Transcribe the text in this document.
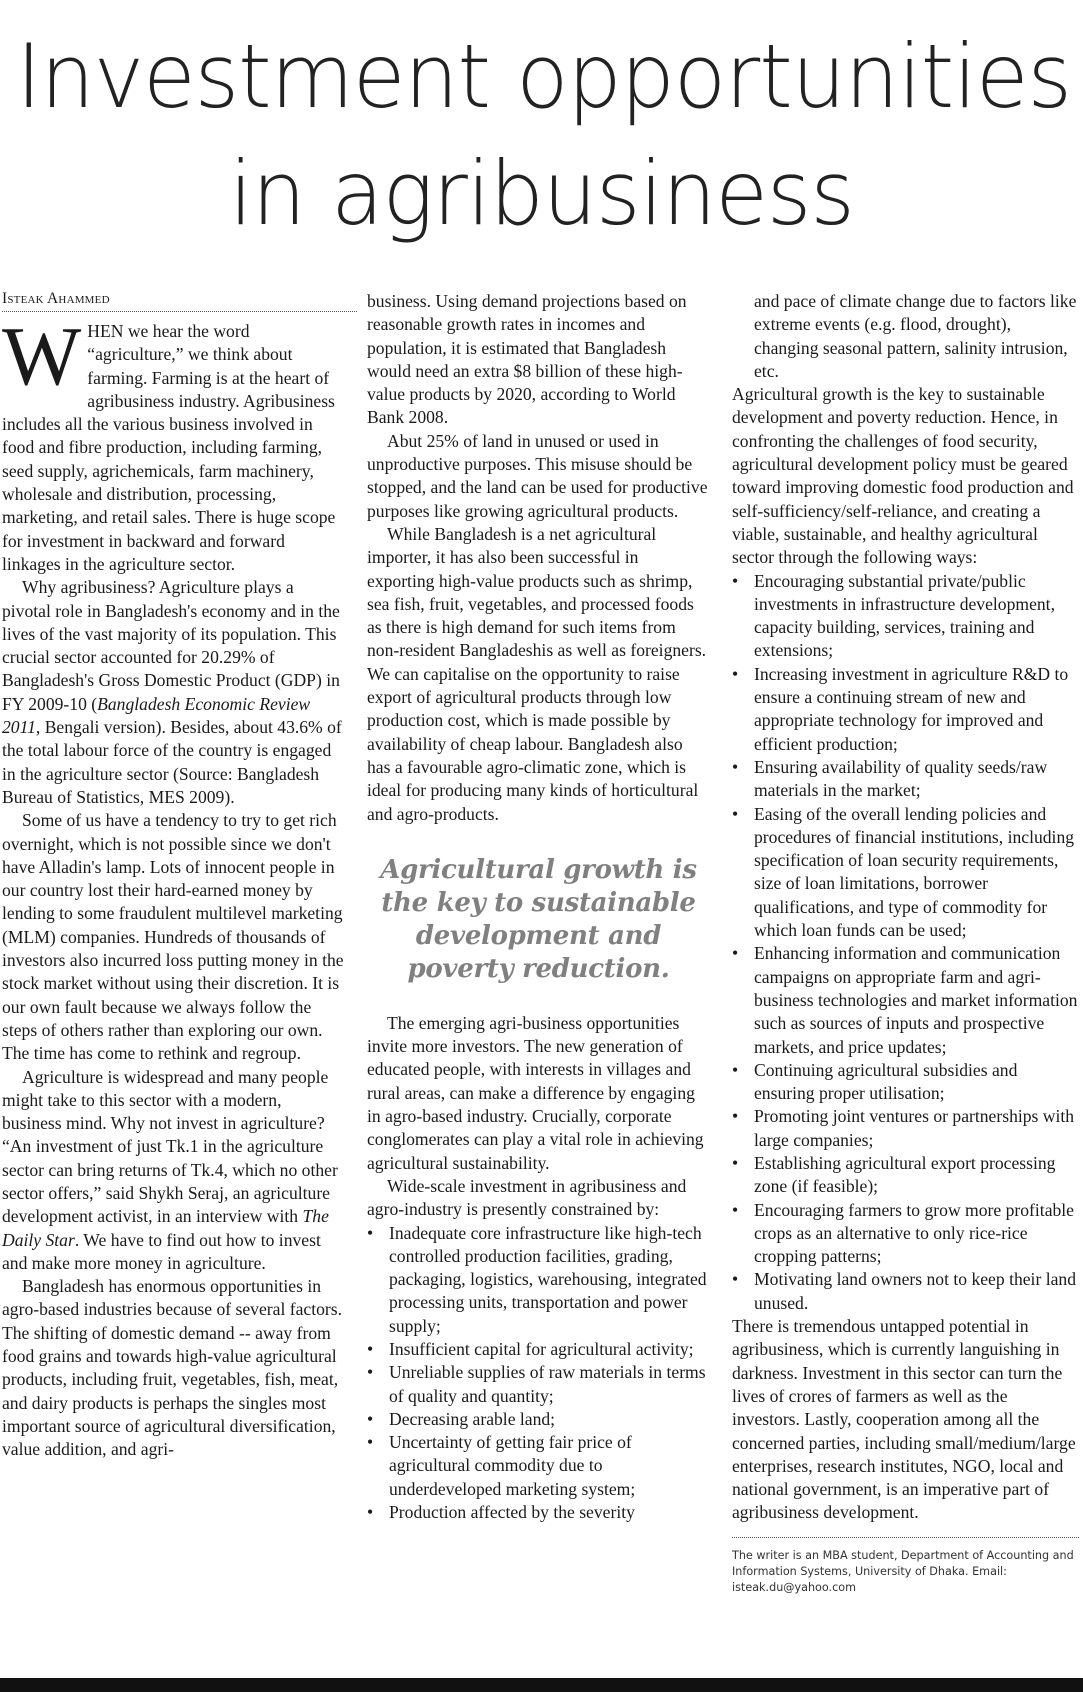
Investment opportunities
in agribusiness
Isteak Ahammed

WHEN we hear the word “agriculture,” we think about farming. Farming is at the heart of agribusiness industry. Agribusiness includes all the various business involved in food and fibre production, including farming, seed supply, agrichemicals, farm machinery, wholesale and distribution, processing, marketing, and retail sales. There is huge scope for investment in backward and forward linkages in the agriculture sector.

Why agribusiness? Agriculture plays a pivotal role in Bangladesh's economy and in the lives of the vast majority of its population. This crucial sector accounted for 20.29% of Bangladesh's Gross Domestic Product (GDP) in FY 2009-10 (Bangladesh Economic Review 2011, Bengali version). Besides, about 43.6% of the total labour force of the country is engaged in the agriculture sector (Source: Bangladesh Bureau of Statistics, MES 2009).

Some of us have a tendency to try to get rich overnight, which is not possible since we don't have Alladin's lamp. Lots of innocent people in our country lost their hard-earned money by lending to some fraudulent multilevel marketing (MLM) companies. Hundreds of thousands of investors also incurred loss putting money in the stock market without using their discretion. It is our own fault because we always follow the steps of others rather than exploring our own. The time has come to rethink and regroup.

Agriculture is widespread and many people might take to this sector with a modern, business mind. Why not invest in agriculture? “An investment of just Tk.1 in the agriculture sector can bring returns of Tk.4, which no other sector offers,” said Shykh Seraj, an agriculture development activist, in an interview with The Daily Star. We have to find out how to invest and make more money in agriculture.

Bangladesh has enormous opportunities in agro-based industries because of several factors. The shifting of domestic demand -- away from food grains and towards high-value agricultural products, including fruit, vegetables, fish, meat, and dairy products is perhaps the singles most important source of agricultural diversification, value addition, and agri-

business. Using demand projections based on reasonable growth rates in incomes and population, it is estimated that Bangladesh would need an extra $8 billion of these high-value products by 2020, according to World Bank 2008.

Abut 25% of land in unused or used in unproductive purposes. This misuse should be stopped, and the land can be used for productive purposes like growing agricultural products.

While Bangladesh is a net agricultural importer, it has also been successful in exporting high-value products such as shrimp, sea fish, fruit, vegetables, and processed foods as there is high demand for such items from non-resident Bangladeshis as well as foreigners. We can capitalise on the opportunity to raise export of agricultural products through low production cost, which is made possible by availability of cheap labour. Bangladesh also has a favourable agro-climatic zone, which is ideal for producing many kinds of horticultural and agro-products.

Agricultural growth is the key to sustainable development and poverty reduction.

The emerging agri-business opportunities invite more investors. The new generation of educated people, with interests in villages and rural areas, can make a difference by engaging in agro-based industry. Crucially, corporate conglomerates can play a vital role in achieving agricultural sustainability.

Wide-scale investment in agribusiness and agro-industry is presently constrained by:

• Inadequate core infrastructure like high-tech controlled production facilities, grading, packaging, logistics, warehousing, integrated processing units, transportation and power supply;
• Insufficient capital for agricultural activity;
• Unreliable supplies of raw materials in terms of quality and quantity;
• Decreasing arable land;
• Uncertainty of getting fair price of agricultural commodity due to underdeveloped marketing system;
• Production affected by the severity

and pace of climate change due to factors like extreme events (e.g. flood, drought), changing seasonal pattern, salinity intrusion, etc.

Agricultural growth is the key to sustainable development and poverty reduction. Hence, in confronting the challenges of food security, agricultural development policy must be geared toward improving domestic food production and self-sufficiency/self-reliance, and creating a viable, sustainable, and healthy agricultural sector through the following ways:

• Encouraging substantial private/public investments in infrastructure development, capacity building, services, training and extensions;
• Increasing investment in agriculture R&D to ensure a continuing stream of new and appropriate technology for improved and efficient production;
• Ensuring availability of quality seeds/raw materials in the market;
• Easing of the overall lending policies and procedures of financial institutions, including specification of loan security requirements, size of loan limitations, borrower qualifications, and type of commodity for which loan funds can be used;
• Enhancing information and communication campaigns on appropriate farm and agri-business technologies and market information such as sources of inputs and prospective markets, and price updates;
• Continuing agricultural subsidies and ensuring proper utilisation;
• Promoting joint ventures or partnerships with large companies;
• Establishing agricultural export processing zone (if feasible);
• Encouraging farmers to grow more profitable crops as an alternative to only rice-rice cropping patterns;
• Motivating land owners not to keep their land unused.

There is tremendous untapped potential in agribusiness, which is currently languishing in darkness. Investment in this sector can turn the lives of crores of farmers as well as the investors. Lastly, cooperation among all the concerned parties, including small/medium/large enterprises, research institutes, NGO, local and national government, is an imperative part of agribusiness development.

The writer is an MBA student, Department of Accounting and Information Systems, University of Dhaka. Email: isteak.du@yahoo.com
